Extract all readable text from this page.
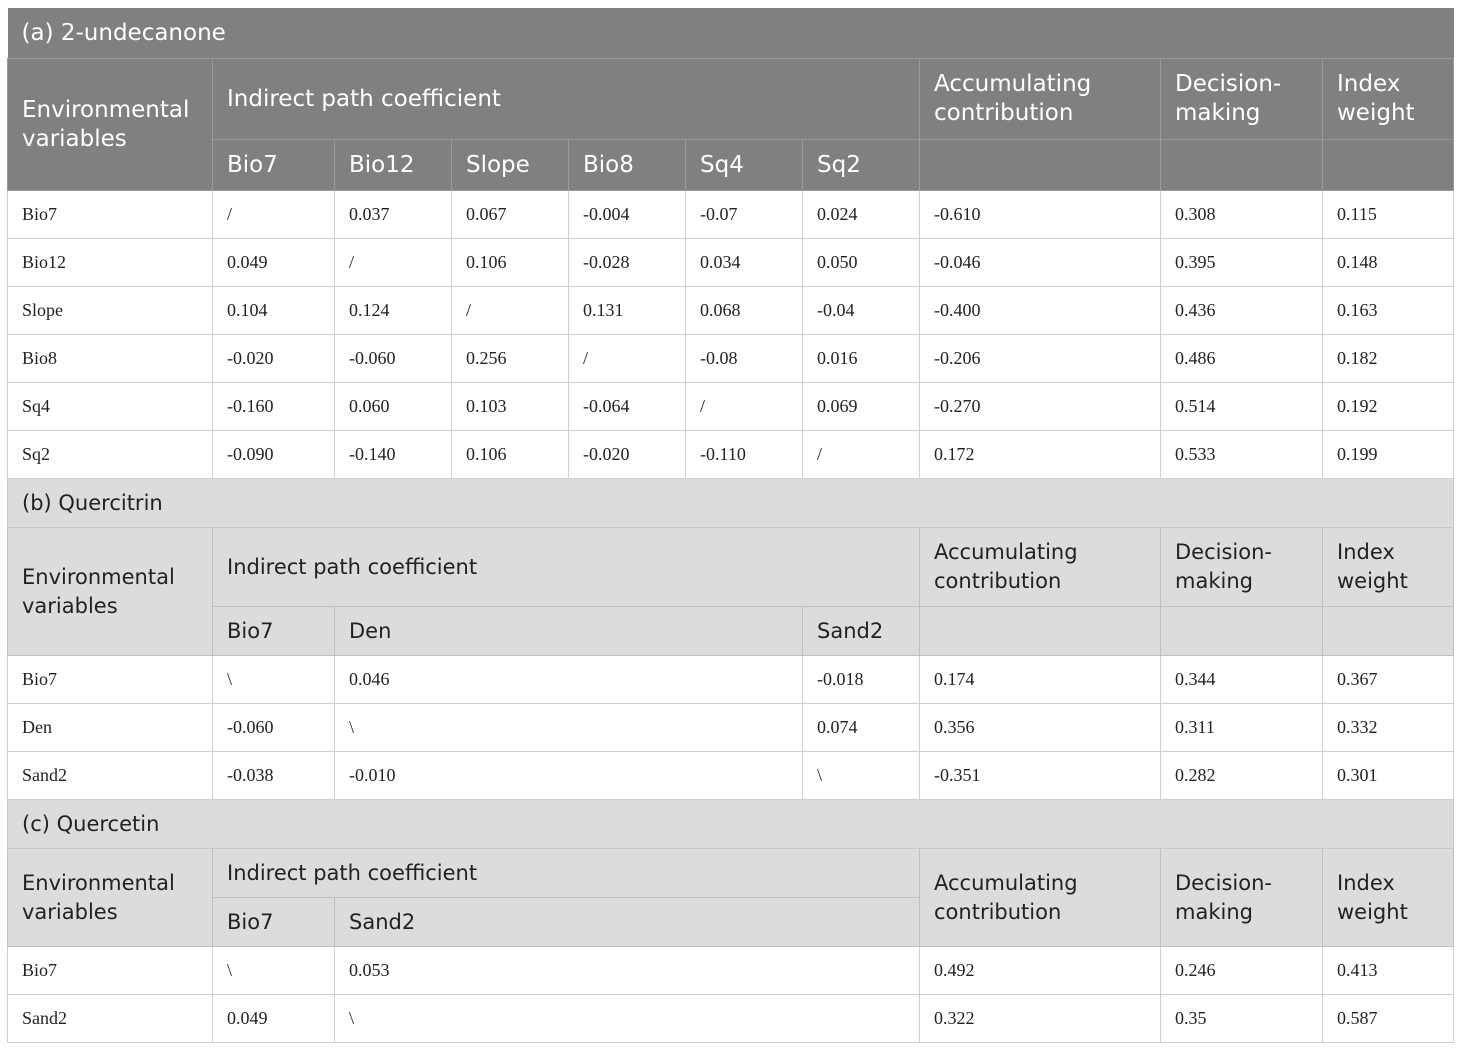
(a) 2-undecanone									
Environmental variables	Indirect path coefficient						Accumulating contribution	Decision-making	Index weight
	Bio7	Bio12	Slope	Bio8	Sq4	Sq2			
Bio7	/	0.037	0.067	-0.004	-0.07	0.024	-0.610	0.308	0.115
Bio12	0.049	/	0.106	-0.028	0.034	0.050	-0.046	0.395	0.148
Slope	0.104	0.124	/	0.131	0.068	-0.04	-0.400	0.436	0.163
Bio8	-0.020	-0.060	0.256	/	-0.08	0.016	-0.206	0.486	0.182
Sq4	-0.160	0.060	0.103	-0.064	/	0.069	-0.270	0.514	0.192
Sq2	-0.090	-0.140	0.106	-0.020	-0.110	/	0.172	0.533	0.199
(b) Quercitrin									
Environmental variables	Indirect path coefficient						Accumulating contribution	Decision-making	Index weight
	Bio7	Den				Sand2			
Bio7	\	0.046				-0.018	0.174	0.344	0.367
Den	-0.060	\				0.074	0.356	0.311	0.332
Sand2	-0.038	-0.010				\	-0.351	0.282	0.301
(c) Quercetin									
Environmental variables	Indirect path coefficient						Accumulating contribution	Decision-making	Index weight
	Bio7	Sand2							
Bio7	\	0.053					0.492	0.246	0.413
Sand2	0.049	\					0.322	0.35	0.587
